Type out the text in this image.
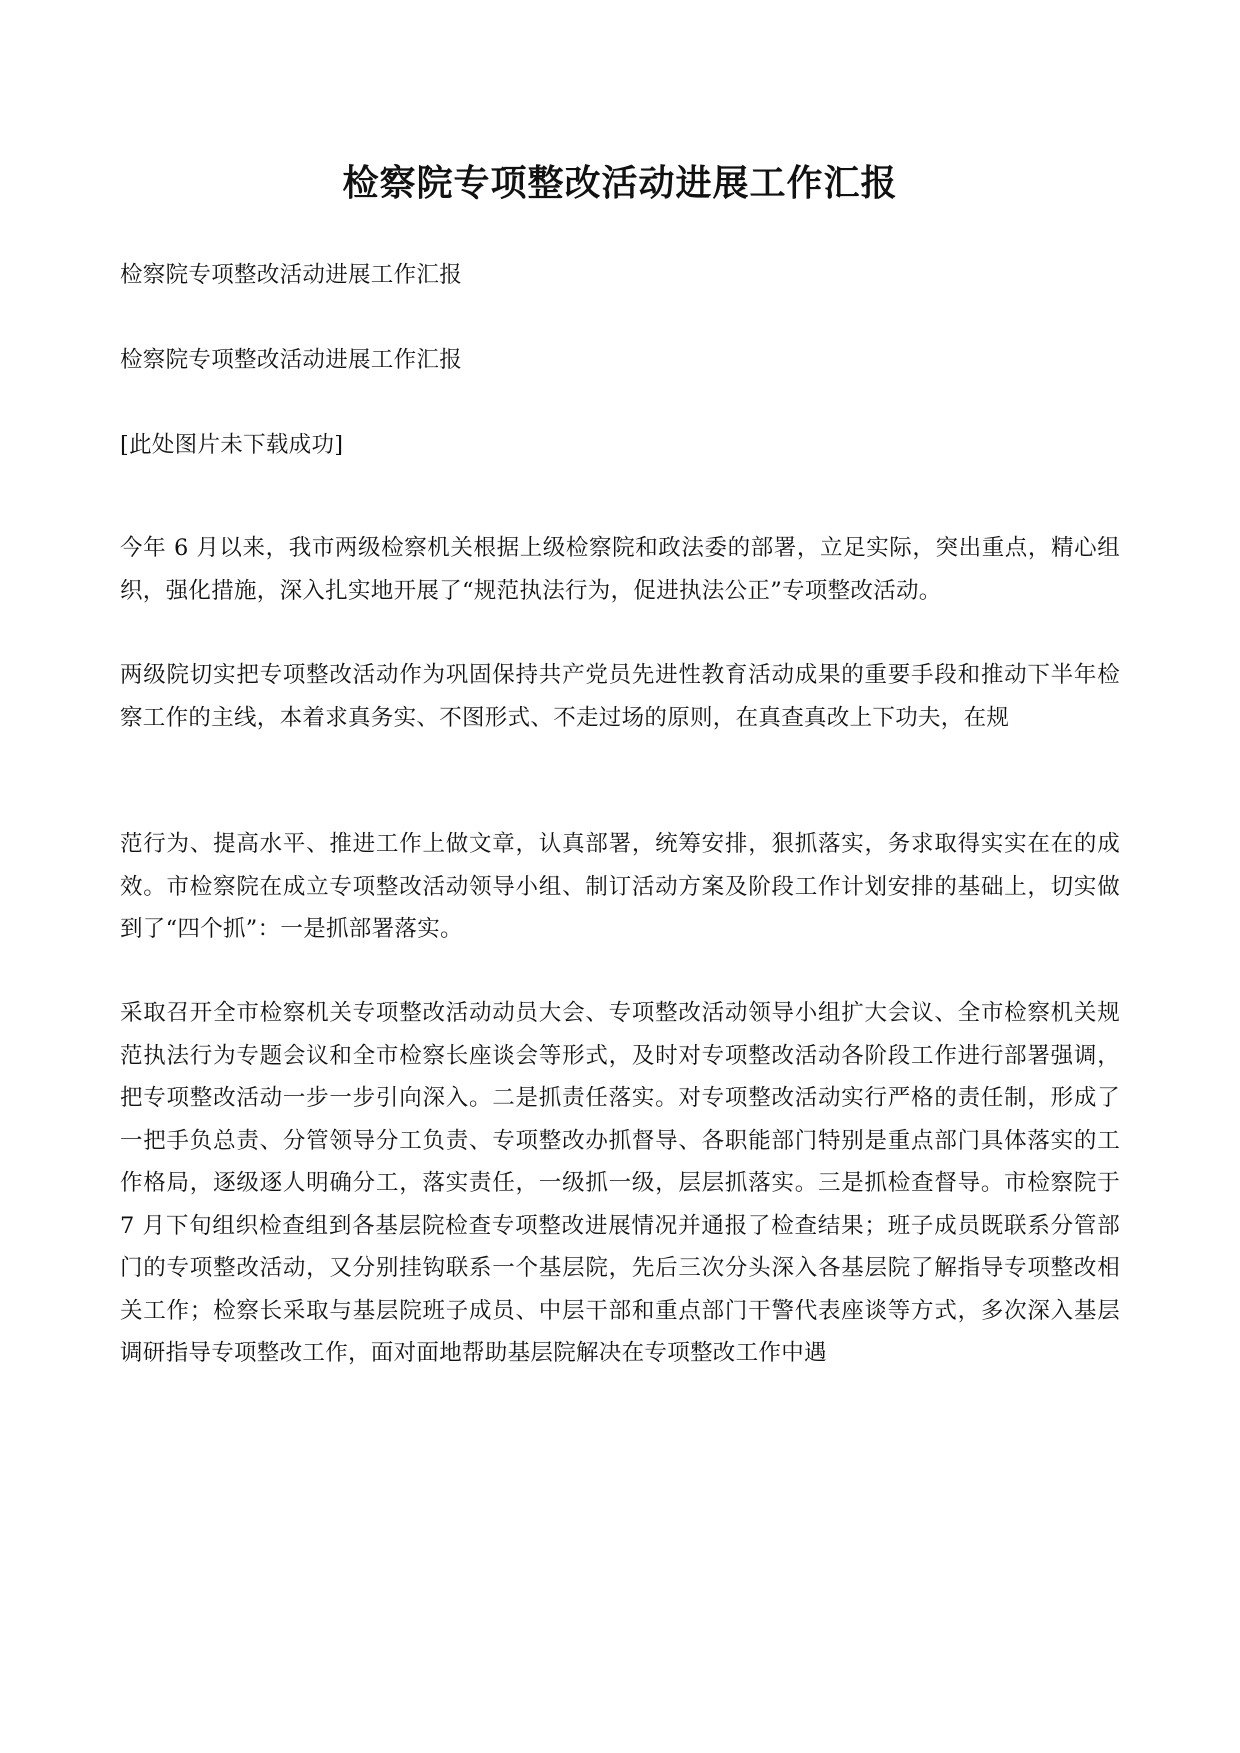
检察院专项整改活动进展工作汇报

检察院专项整改活动进展工作汇报

检察院专项整改活动进展工作汇报

[此处图片未下载成功]

今年 6 月以来，我市两级检察机关根据上级检察院和政法委的部署，立足实际，突出重点，精心组织，强化措施，深入扎实地开展了“规范执法行为，促进执法公正”专项整改活动。

两级院切实把专项整改活动作为巩固保持共产党员先进性教育活动成果的重要手段和推动下半年检察工作的主线，本着求真务实、不图形式、不走过场的原则，在真查真改上下功夫，在规

范行为、提高水平、推进工作上做文章，认真部署，统筹安排，狠抓落实，务求取得实实在在的成效。市检察院在成立专项整改活动领导小组、制订活动方案及阶段工作计划安排的基础上，切实做到了“四个抓”：一是抓部署落实。

采取召开全市检察机关专项整改活动动员大会、专项整改活动领导小组扩大会议、全市检察机关规范执法行为专题会议和全市检察长座谈会等形式，及时对专项整改活动各阶段工作进行部署强调，把专项整改活动一步一步引向深入。二是抓责任落实。对专项整改活动实行严格的责任制，形成了一把手负总责、分管领导分工负责、专项整改办抓督导、各职能部门特别是重点部门具体落实的工作格局，逐级逐人明确分工，落实责任，一级抓一级，层层抓落实。三是抓检查督导。市检察院于 7 月下旬组织检查组到各基层院检查专项整改进展情况并通报了检查结果；班子成员既联系分管部门的专项整改活动，又分别挂钩联系一个基层院，先后三次分头深入各基层院了解指导专项整改相关工作；检察长采取与基层院班子成员、中层干部和重点部门干警代表座谈等方式，多次深入基层调研指导专项整改工作，面对面地帮助基层院解决在专项整改工作中遇
